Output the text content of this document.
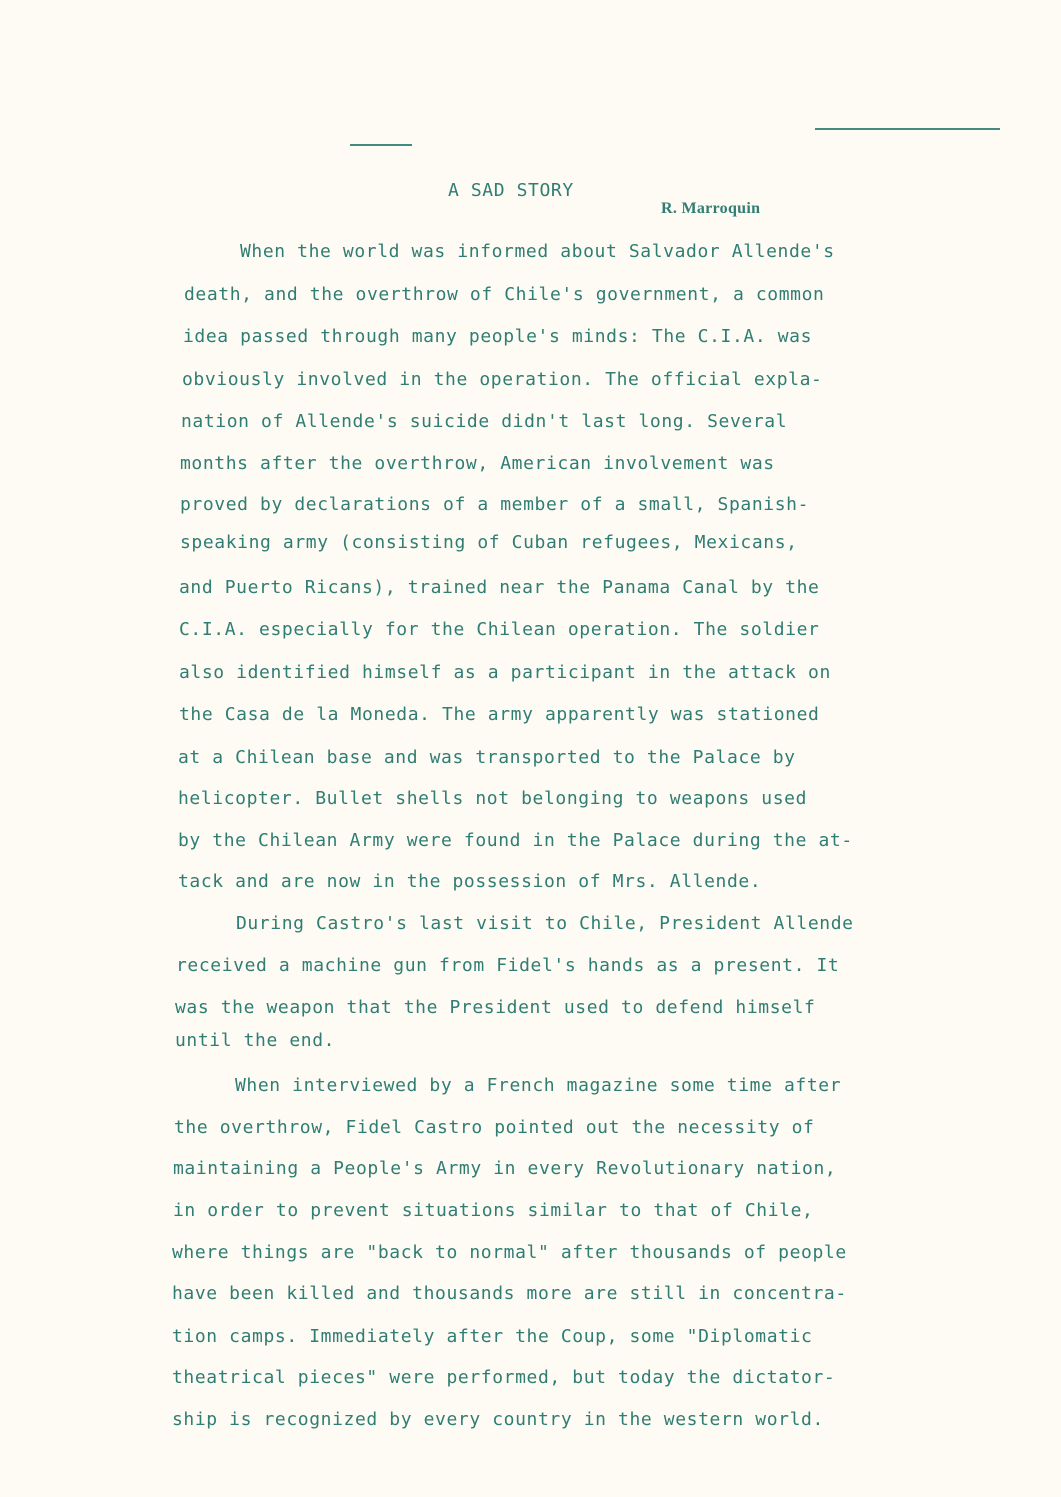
A SAD STORY
R. Marroquin
When the world was informed about Salvador Allende's
death, and the overthrow of Chile's government, a common
idea passed through many people's minds: The C.I.A. was
obviously involved in the operation. The official expla-
nation of Allende's suicide didn't last long. Several
months after the overthrow, American involvement was
proved by declarations of a member of a small, Spanish-
speaking army (consisting of Cuban refugees, Mexicans,
and Puerto Ricans), trained near the Panama Canal by the
C.I.A. especially for the Chilean operation. The soldier
also identified himself as a participant in the attack on
the Casa de la Moneda. The army apparently was stationed
at a Chilean base and was transported to the Palace by
helicopter. Bullet shells not belonging to weapons used
by the Chilean Army were found in the Palace during the at-
tack and are now in the possession of Mrs. Allende.
During Castro's last visit to Chile, President Allende
received a machine gun from Fidel's hands as a present. It
was the weapon that the President used to defend himself
until the end.
When interviewed by a French magazine some time after
the overthrow, Fidel Castro pointed out the necessity of
maintaining a People's Army in every Revolutionary nation,
in order to prevent situations similar to that of Chile,
where things are "back to normal" after thousands of people
have been killed and thousands more are still in concentra-
tion camps. Immediately after the Coup, some "Diplomatic
theatrical pieces" were performed, but today the dictator-
ship is recognized by every country in the western world.
